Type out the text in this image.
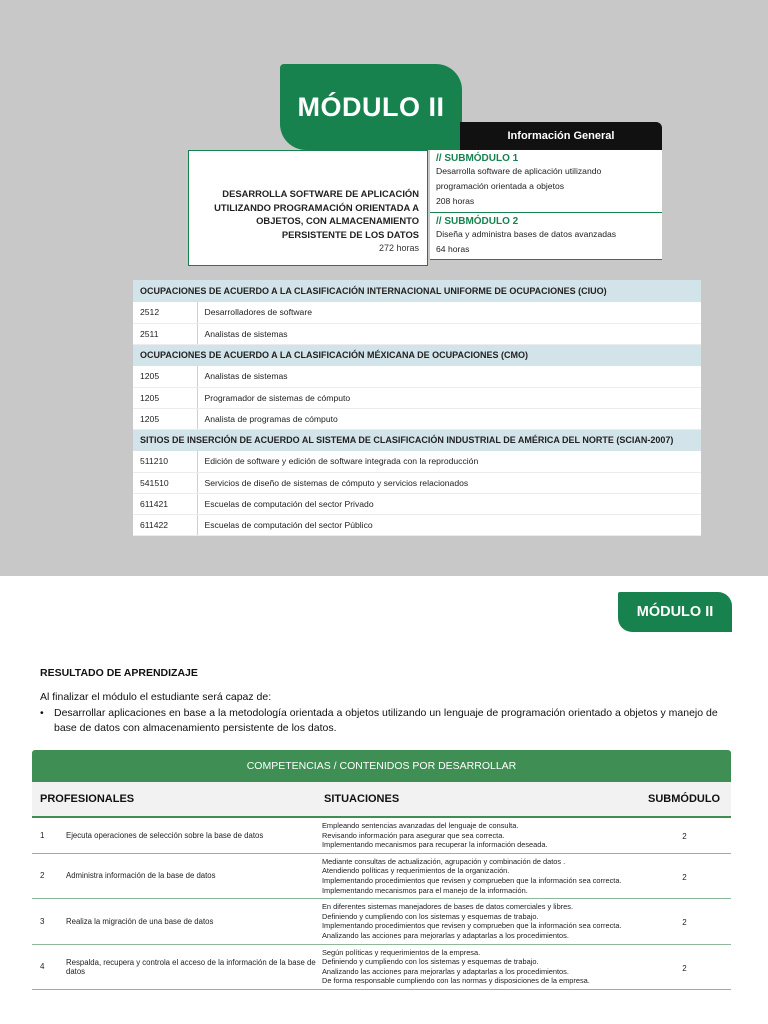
MÓDULO II
Información General
DESARROLLA SOFTWARE DE APLICACIÓN UTILIZANDO PROGRAMACIÓN ORIENTADA A OBJETOS, CON ALMACENAMIENTO PERSISTENTE DE LOS DATOS
272 horas
// SUBMÓDULO 1
Desarrolla software de aplicación utilizando programación orientada a objetos
208 horas
// SUBMÓDULO 2
Diseña y administra bases de datos avanzadas
64 horas
OCUPACIONES DE ACUERDO A LA CLASIFICACIÓN INTERNACIONAL UNIFORME DE OCUPACIONES (CIUO)	
2512	Desarrolladores de software
2511	Analistas de sistemas
OCUPACIONES DE ACUERDO A LA CLASIFICACIÓN MÉXICANA DE OCUPACIONES (CMO)	
1205	Analistas de sistemas
1205	Programador de sistemas de cómputo
1205	Analista de programas de cómputo
SITIOS DE INSERCIÓN DE ACUERDO AL SISTEMA DE CLASIFICACIÓN INDUSTRIAL DE AMÉRICA DEL NORTE (SCIAN-2007)	
511210	Edición de software y edición de software integrada con la reproducción
541510	Servicios de diseño de sistemas de cómputo y servicios relacionados
611421	Escuelas de computación del sector Privado
611422	Escuelas de computación del sector Público
MÓDULO II
RESULTADO DE APRENDIZAJE
Al finalizar el módulo el estudiante será capaz de:
• Desarrollar aplicaciones en base a la metodología orientada a objetos utilizando un lenguaje de programación orientado a objetos y manejo de base de datos con almacenamiento persistente de los datos.
COMPETENCIAS / CONTENIDOS POR DESARROLLAR
PROFESIONALES	SITUACIONES	SUBMÓDULO
1	Ejecuta operaciones de selección sobre la base de datos	Empleando sentencias avanzadas del lenguaje de consulta.
Revisando información para asegurar que sea correcta.
Implementando mecanismos para recuperar la información deseada.	2
2	Administra información de la base de datos	Mediante consultas de actualización, agrupación y combinación de datos .
Atendiendo políticas y requerimientos de la organización.
Implementando procedimientos que revisen y comprueben que la información sea correcta.
Implementando mecanismos para el manejo de la información.	2
3	Realiza la migración de una base de datos	En diferentes sistemas manejadores de bases de datos comerciales y libres.
Definiendo y cumpliendo con los sistemas y esquemas de trabajo.
Implementando procedimientos que revisen y comprueben que la información sea correcta.
Analizando las acciones para mejorarlas y adaptarlas a los procedimientos.	2
4	Respalda, recupera y controla el acceso de la información de la base de datos	Según políticas y requerimientos de la empresa.
Definiendo y cumpliendo con los sistemas y esquemas de trabajo.
Analizando las acciones para mejorarlas y adaptarlas a los procedimientos.
De forma responsable cumpliendo con las normas y disposiciones de la empresa.	2
